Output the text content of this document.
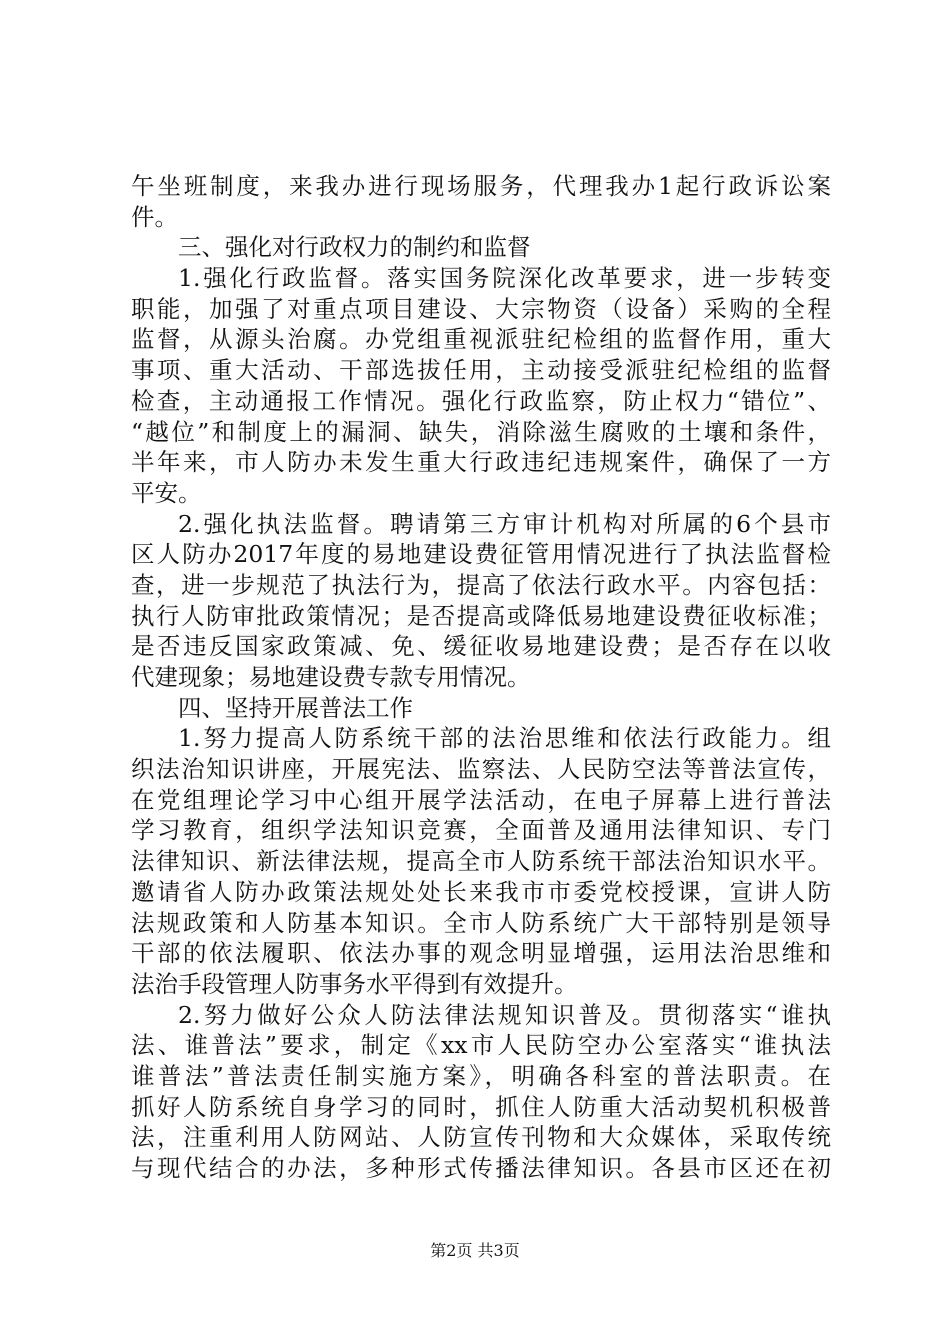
午坐班制度，来我办进行现场服务，代理我办1起行政诉讼案
件。
三、强化对行政权力的制约和监督
1.强化行政监督。落实国务院深化改革要求，进一步转变
职能，加强了对重点项目建设、大宗物资（设备）采购的全程
监督，从源头治腐。办党组重视派驻纪检组的监督作用，重大
事项、重大活动、干部选拔任用，主动接受派驻纪检组的监督
检查，主动通报工作情况。强化行政监察，防止权力“错位”、
“越位”和制度上的漏洞、缺失，消除滋生腐败的土壤和条件，
半年来，市人防办未发生重大行政违纪违规案件，确保了一方
平安。
2.强化执法监督。聘请第三方审计机构对所属的6个县市
区人防办2017年度的易地建设费征管用情况进行了执法监督检
查，进一步规范了执法行为，提高了依法行政水平。内容包括：
执行人防审批政策情况；是否提高或降低易地建设费征收标准；
是否违反国家政策减、免、缓征收易地建设费；是否存在以收
代建现象；易地建设费专款专用情况。
四、坚持开展普法工作
1.努力提高人防系统干部的法治思维和依法行政能力。组
织法治知识讲座，开展宪法、监察法、人民防空法等普法宣传，
在党组理论学习中心组开展学法活动，在电子屏幕上进行普法
学习教育，组织学法知识竞赛，全面普及通用法律知识、专门
法律知识、新法律法规，提高全市人防系统干部法治知识水平。
邀请省人防办政策法规处处长来我市市委党校授课，宣讲人防
法规政策和人防基本知识。全市人防系统广大干部特别是领导
干部的依法履职、依法办事的观念明显增强，运用法治思维和
法治手段管理人防事务水平得到有效提升。
2.努力做好公众人防法律法规知识普及。贯彻落实“谁执
法、谁普法”要求，制定《xx市人民防空办公室落实“谁执法
谁普法”普法责任制实施方案》，明确各科室的普法职责。在
抓好人防系统自身学习的同时，抓住人防重大活动契机积极普
法，注重利用人防网站、人防宣传刊物和大众媒体，采取传统
与现代结合的办法，多种形式传播法律知识。各县市区还在初
第2页 共3页
